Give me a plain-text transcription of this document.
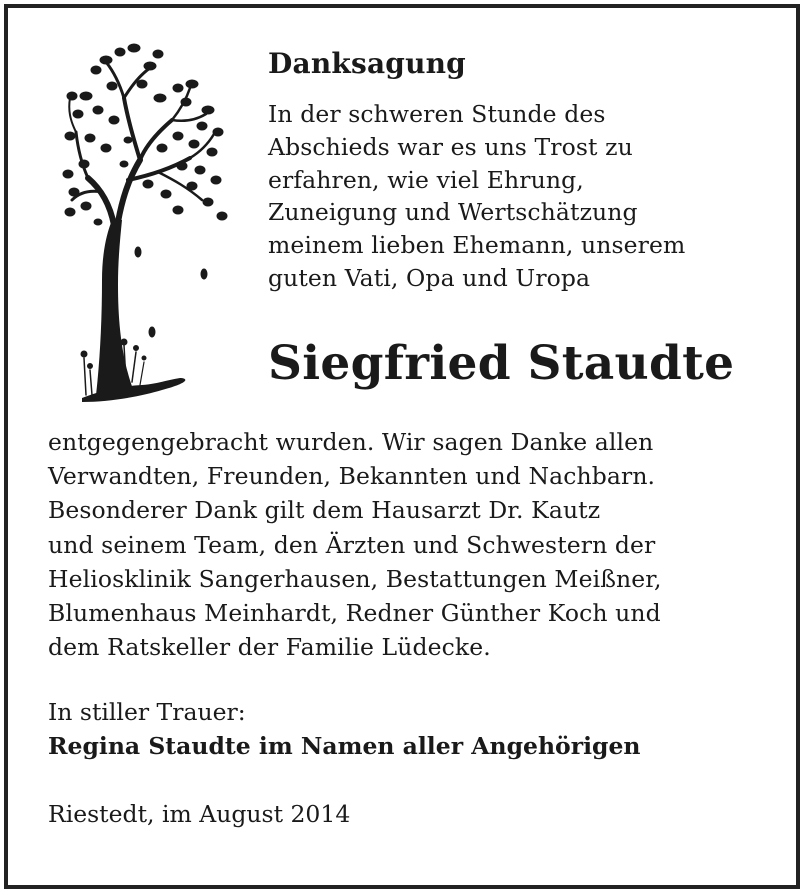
Danksagung
In der schweren Stunde des
Abschieds war es uns Trost zu
erfahren, wie viel Ehrung,
Zuneigung und Wertschätzung
meinem lieben Ehemann, unserem
guten Vati, Opa und Uropa
Siegfried Staudte
entgegengebracht wurden. Wir sagen Danke allen
Verwandten, Freunden, Bekannten und Nachbarn.
Besonderer Dank gilt dem Hausarzt Dr. Kautz
und seinem Team, den Ärzten und Schwestern der
Heliosklinik Sangerhausen, Bestattungen Meißner,
Blumenhaus Meinhardt, Redner Günther Koch und
dem Ratskeller der Familie Lüdecke.
In stiller Trauer:
Regina Staudte im Namen aller Angehörigen
Riestedt, im August 2014
